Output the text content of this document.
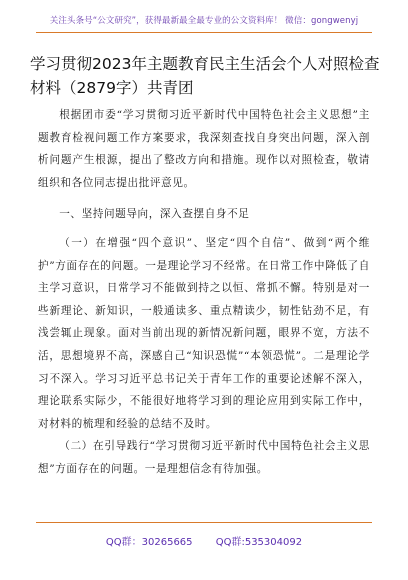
关注头条号“公文研究”，获得最新最全最专业的公文资料库！ 微信：gongwenyj
学习贯彻2023年主题教育民主生活会个人对照检查材料（2879字）共青团

根据团市委“学习贯彻习近平新时代中国特色社会主义思想”主题教育检视问题工作方案要求，我深刻查找自身突出问题，深入剖析问题产生根源，提出了整改方向和措施。现作以对照检查，敬请组织和各位同志提出批评意见。

一、坚持问题导向，深入查摆自身不足

（一）在增强“四个意识”、坚定“四个自信”、做到“两个维护”方面存在的问题。一是理论学习不经常。在日常工作中降低了自主学习意识，日常学习不能做到持之以恒、常抓不懈。特别是对一些新理论、新知识，一般通读多、重点精读少，韧性钻劲不足，有浅尝辄止现象。面对当前出现的新情况新问题，眼界不宽，方法不活，思想境界不高，深感自己“知识恐慌”“本领恐慌”。二是理论学习不深入。学习习近平总书记关于青年工作的重要论述解不深入，理论联系实际少，不能很好地将学习到的理论应用到实际工作中，对材料的梳理和经验的总结不及时。

（二）在引导践行“学习贯彻习近平新时代中国特色社会主义思想”方面存在的问题。一是理想信念有待加强。

QQ群：30265665 QQ群:535304092
